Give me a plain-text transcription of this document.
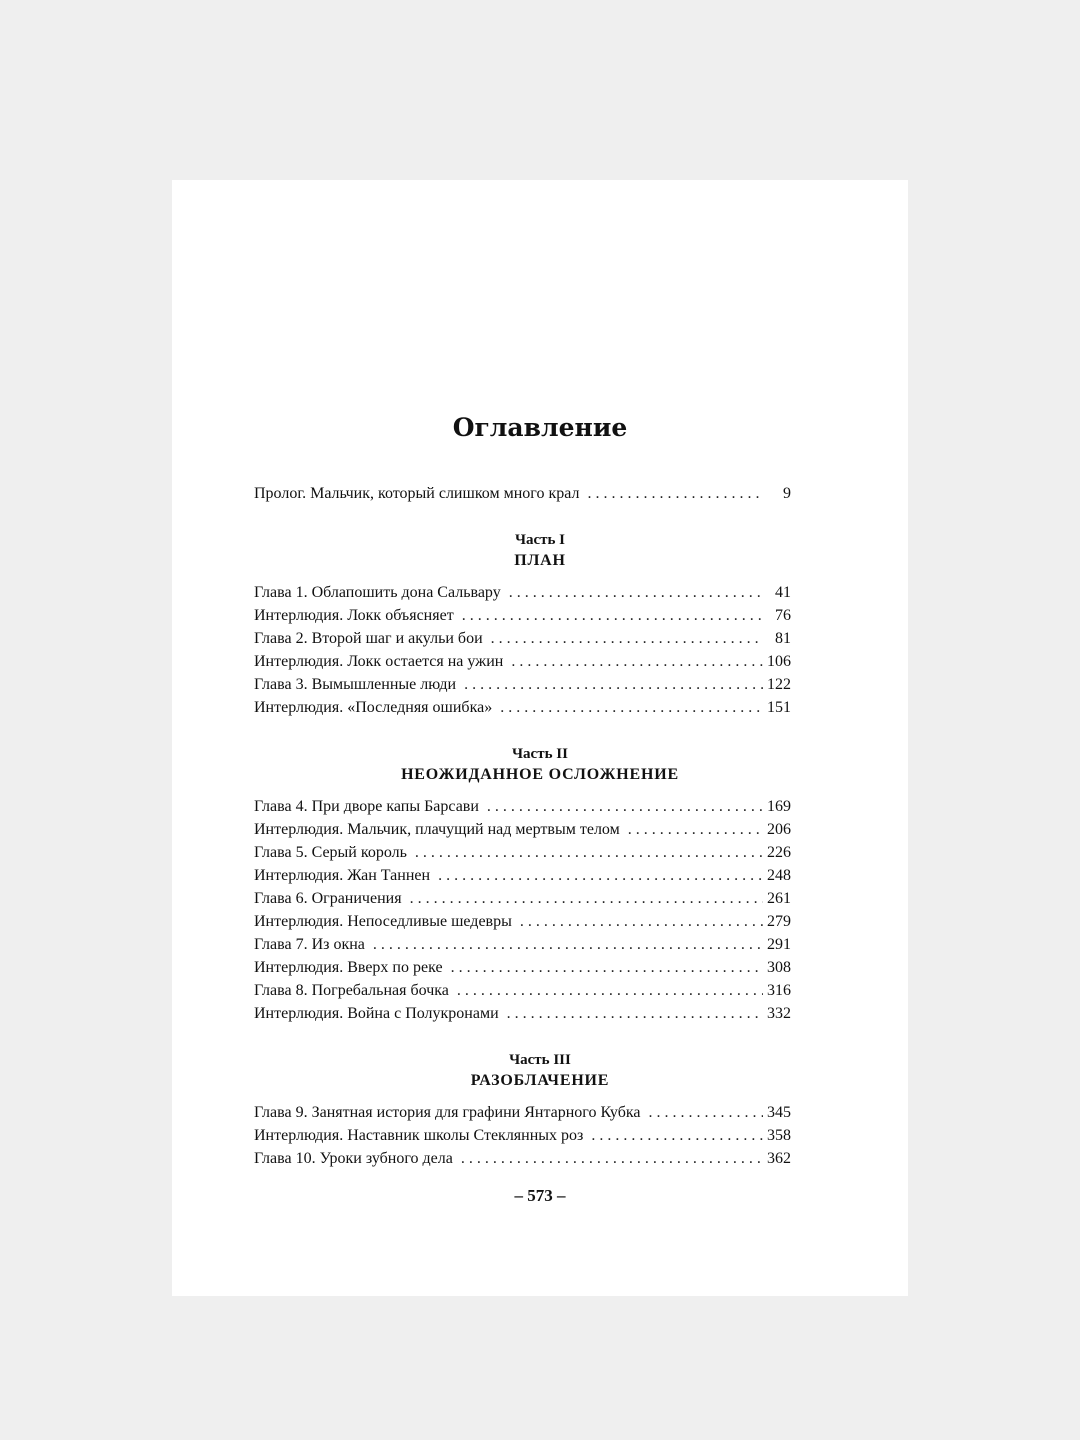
Оглавление
Пролог. Мальчик, который слишком много крал . . .	9
Глава 1. Облапошить дона Сальвару . . .	41
Интерлюдия. Локк объясняет . . .	76
Глава 2. Второй шаг и акульи бои . . .	81
Интерлюдия. Локк остается на ужин . . .	106
Глава 3. Вымышленные люди . . .	122
Интерлюдия. «Последняя ошибка» . . .	151
Глава 4. При дворе капы Барсави . . .	169
Интерлюдия. Мальчик, плачущий над мертвым телом . . .	206
Глава 5. Серый король . . .	226
Интерлюдия. Жан Таннен . . .	248
Глава 6. Ограничения . . .	261
Интерлюдия. Непоседливые шедевры . . .	279
Глава 7. Из окна . . .	291
Интерлюдия. Вверх по реке . . .	308
Глава 8. Погребальная бочка . . .	316
Интерлюдия. Война с Полукронами . . .	332
Глава 9. Занятная история для графини Янтарного Кубка . . .	345
Интерлюдия. Наставник школы Стеклянных роз . . .	358
Глава 10. Уроки зубного дела . . .	362
Часть I
ПЛАН
Часть II
НЕОЖИДАННОЕ ОСЛОЖНЕНИЕ
Часть III
РАЗОБЛАЧЕНИЕ
– 573 –
